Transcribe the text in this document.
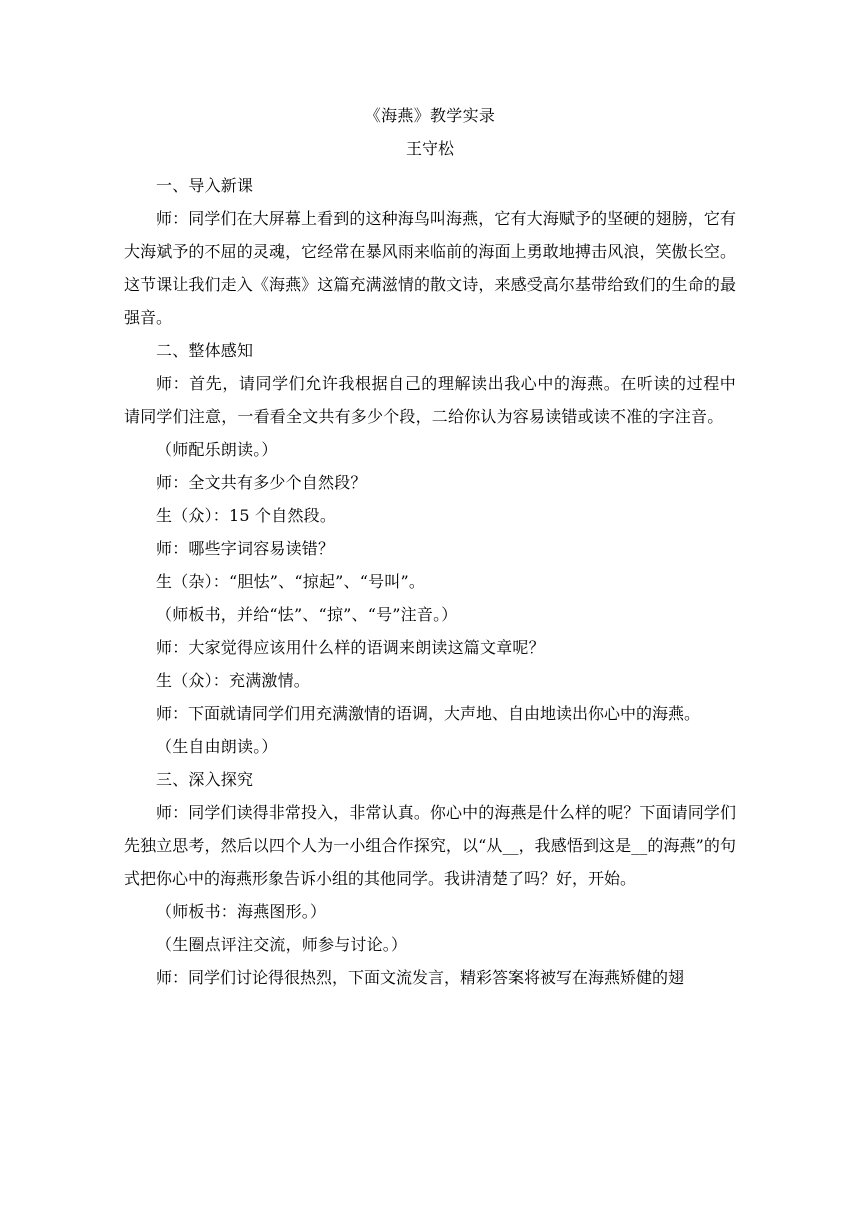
《海燕》教学实录
王守松

一、导入新课

师：同学们在大屏幕上看到的这种海鸟叫海燕，它有大海赋予的坚硬的翅膀，它有大海斌予的不屈的灵魂，它经常在暴风雨来临前的海面上勇敢地搏击风浪，笑傲长空。这节课让我们走入《海燕》这篇充满滋情的散文诗，来感受高尔基带给致们的生命的最强音。

二、整体感知

师：首先，请同学们允许我根据自己的理解读出我心中的海燕。在听读的过程中请同学们注意，一看看全文共有多少个段，二给你认为容易读错或读不准的字注音。

（师配乐朗读。）

师：全文共有多少个自然段？

生（众）：15 个自然段。

师：哪些字词容易读错？

生（杂）：“胆怯”、“掠起”、“号叫”。

（师板书，并给“怯”、“掠”、“号”注音。）

师：大家觉得应该用什么样的语调来朗读这篇文章呢？

生（众）：充满激情。

师：下面就请同学们用充满激情的语调，大声地、自由地读出你心中的海燕。

（生自由朗读。）

三、深入探究

师：同学们读得非常投入，非常认真。你心中的海燕是什么样的呢？下面请同学们先独立思考，然后以四个人为一小组合作探究，以“从__，我感悟到这是__的海燕”的句式把你心中的海燕形象告诉小组的其他同学。我讲清楚了吗？好，开始。

（师板书：海燕图形。）

（生圈点评注交流，师参与讨论。）

师：同学们讨论得很热烈，下面文流发言，精彩答案将被写在海燕矫健的翅
